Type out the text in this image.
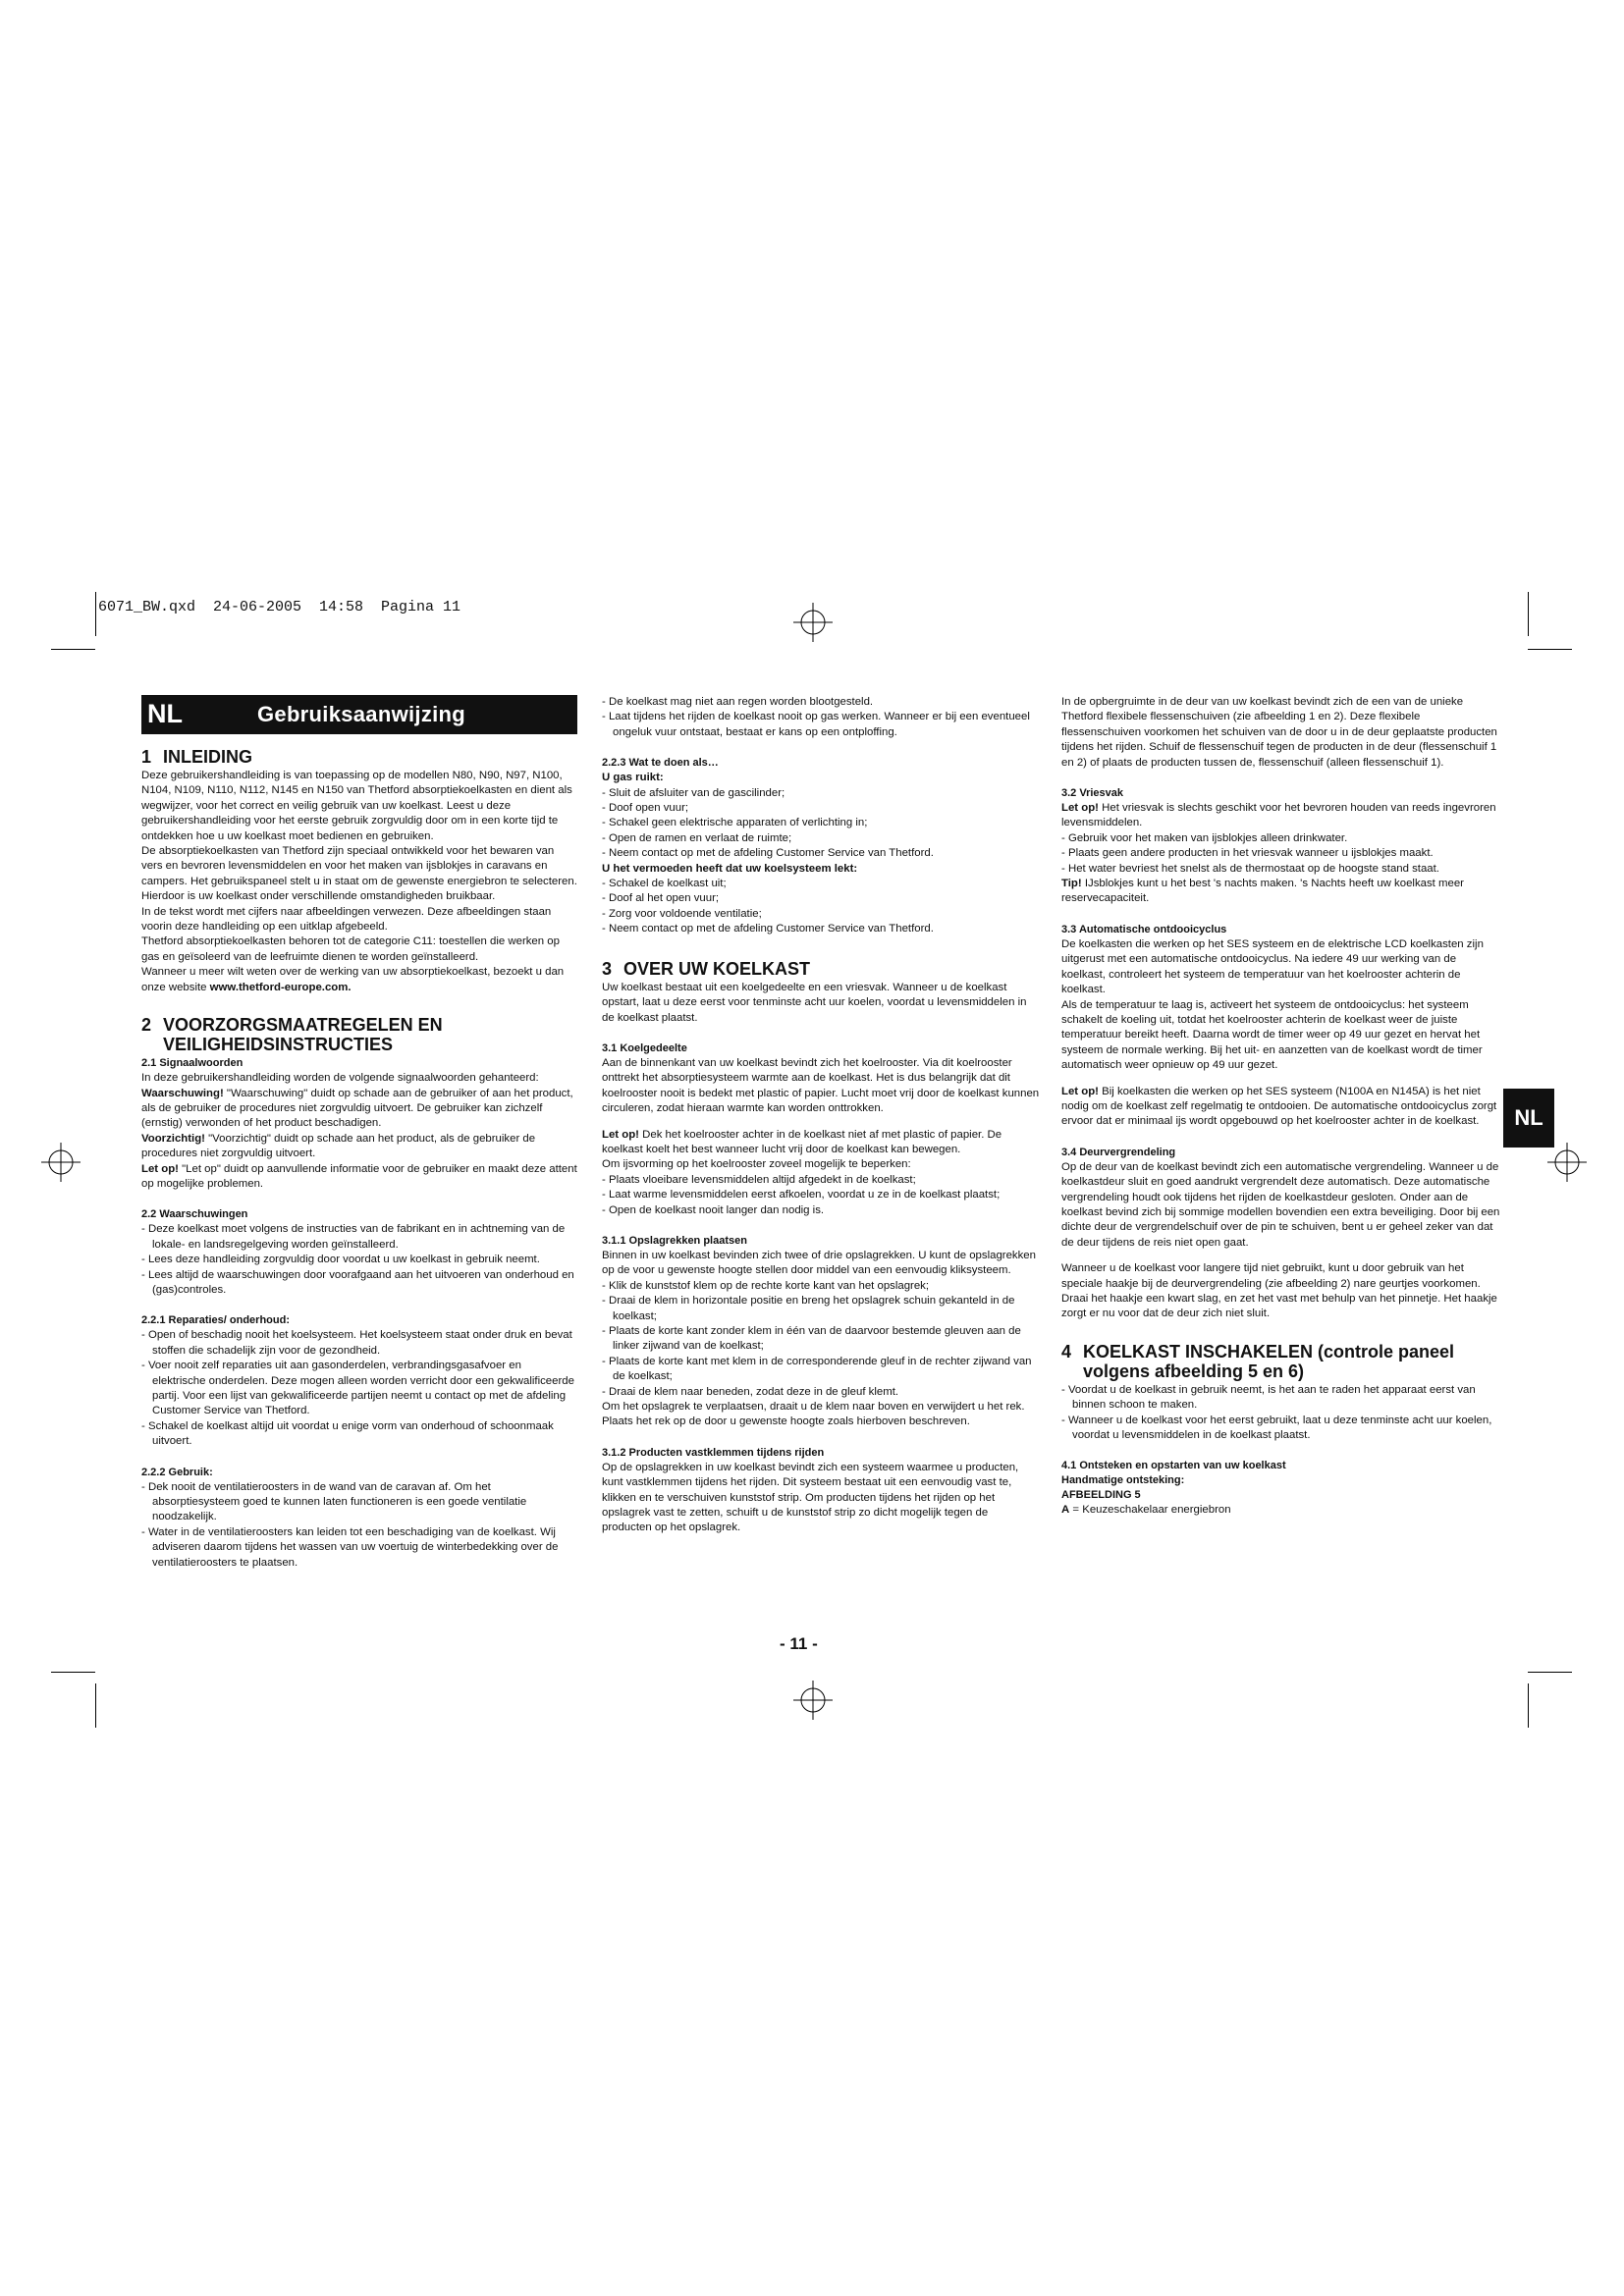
6071_BW.qxd  24-06-2005  14:58  Pagina 11
NL	Gebruiksaanwijzing
1 INLEIDING

Deze gebruikershandleiding is van toepassing op de modellen N80, N90, N97, N100, N104, N109, N110, N112, N145 en N150 van Thetford absorptiekoelkasten en dient als wegwijzer, voor het correct en veilig gebruik van uw koelkast. Leest u deze gebruikershandleiding voor het eerste gebruik zorgvuldig door om in een korte tijd te ontdekken hoe u uw koelkast moet bedienen en gebruiken.

De absorptiekoelkasten van Thetford zijn speciaal ontwikkeld voor het bewaren van vers en bevroren levensmiddelen en voor het maken van ijsblokjes in caravans en campers. Het gebruikspaneel stelt u in staat om de gewenste energiebron te selecteren. Hierdoor is uw koelkast onder verschillende omstandigheden bruikbaar.

In de tekst wordt met cijfers naar afbeeldingen verwezen. Deze afbeeldingen staan voorin deze handleiding op een uitklap afgebeeld.

Thetford absorptiekoelkasten behoren tot de categorie C11: toestellen die werken op gas en geïsoleerd van de leefruimte dienen te worden geïnstalleerd.

Wanneer u meer wilt weten over de werking van uw absorptiekoelkast, bezoekt u dan onze website www.thetford-europe.com.

2 VOORZORGSMAATREGELEN EN
VEILIGHEIDSINSTRUCTIES
2.1 Signaalwoorden

In deze gebruikershandleiding worden de volgende signaalwoorden gehanteerd:

Waarschuwing! "Waarschuwing" duidt op schade aan de gebruiker of aan het product, als de gebruiker de procedures niet zorgvuldig uitvoert. De gebruiker kan zichzelf (ernstig) verwonden of het product beschadigen.

Voorzichtig! "Voorzichtig" duidt op schade aan het product, als de gebruiker de procedures niet zorgvuldig uitvoert.

Let op! "Let op" duidt op aanvullende informatie voor de gebruiker en maakt deze attent op mogelijke problemen.

2.2 Waarschuwingen
- Deze koelkast moet volgens de instructies van de fabrikant en in achtneming van de lokale- en landsregelgeving worden geïnstalleerd.
- Lees deze handleiding zorgvuldig door voordat u uw koelkast in gebruik neemt.
- Lees altijd de waarschuwingen door voorafgaand aan het uitvoeren van onderhoud en (gas)controles.
2.2.1 Reparaties/ onderhoud:
- Open of beschadig nooit het koelsysteem. Het koelsysteem staat onder druk en bevat stoffen die schadelijk zijn voor de gezondheid.
- Voer nooit zelf reparaties uit aan gasonderdelen, verbrandingsgasafvoer en elektrische onderdelen. Deze mogen alleen worden verricht door een gekwalificeerde partij. Voor een lijst van gekwalificeerde partijen neemt u contact op met de afdeling Customer Service van Thetford.
- Schakel de koelkast altijd uit voordat u enige vorm van onderhoud of schoonmaak uitvoert.
2.2.2 Gebruik:
- Dek nooit de ventilatieroosters in de wand van de caravan af. Om het absorptiesysteem goed te kunnen laten functioneren is een goede ventilatie noodzakelijk.
- Water in de ventilatieroosters kan leiden tot een beschadiging van de koelkast. Wij adviseren daarom tijdens het wassen van uw voertuig de winterbedekking over de ventilatieroosters te plaatsen.
- De koelkast mag niet aan regen worden blootgesteld.
- Laat tijdens het rijden de koelkast nooit op gas werken. Wanneer er bij een eventueel ongeluk vuur ontstaat, bestaat er kans op een ontploffing.
2.2.3 Wat te doen als…

U gas ruikt:

- Sluit de afsluiter van de gascilinder;
- Doof open vuur;
- Schakel geen elektrische apparaten of verlichting in;
- Open de ramen en verlaat de ruimte;
- Neem contact op met de afdeling Customer Service van Thetford.

U het vermoeden heeft dat uw koelsysteem lekt:

- Schakel de koelkast uit;
- Doof al het open vuur;
- Zorg voor voldoende ventilatie;
- Neem contact op met de afdeling Customer Service van Thetford.
3 OVER UW KOELKAST

Uw koelkast bestaat uit een koelgedeelte en een vriesvak. Wanneer u de koelkast opstart, laat u deze eerst voor tenminste acht uur koelen, voordat u levensmiddelen in de koelkast plaatst.

3.1 Koelgedeelte

Aan de binnenkant van uw koelkast bevindt zich het koelrooster. Via dit koelrooster onttrekt het absorptiesysteem warmte aan de koelkast. Het is dus belangrijk dat dit koelrooster nooit is bedekt met plastic of papier. Lucht moet vrij door de koelkast kunnen circuleren, zodat hieraan warmte kan worden onttrokken.

Let op! Dek het koelrooster achter in de koelkast niet af met plastic of papier. De koelkast koelt het best wanneer lucht vrij door de koelkast kan bewegen.

Om ijsvorming op het koelrooster zoveel mogelijk te beperken:

- Plaats vloeibare levensmiddelen altijd afgedekt in de koelkast;
- Laat warme levensmiddelen eerst afkoelen, voordat u ze in de koelkast plaatst;
- Open de koelkast nooit langer dan nodig is.
3.1.1 Opslagrekken plaatsen

Binnen in uw koelkast bevinden zich twee of drie opslagrekken. U kunt de opslagrekken op de voor u gewenste hoogte stellen door middel van een eenvoudig kliksysteem.

- Klik de kunststof klem op de rechte korte kant van het opslagrek;
- Draai de klem in horizontale positie en breng het opslagrek schuin gekanteld in de koelkast;
- Plaats de korte kant zonder klem in één van de daarvoor bestemde gleuven aan de linker zijwand van de koelkast;
- Plaats de korte kant met klem in de corresponderende gleuf in de rechter zijwand van de koelkast;
- Draai de klem naar beneden, zodat deze in de gleuf klemt.

Om het opslagrek te verplaatsen, draait u de klem naar boven en verwijdert u het rek. Plaats het rek op de door u gewenste hoogte zoals hierboven beschreven.

3.1.2 Producten vastklemmen tijdens rijden

Op de opslagrekken in uw koelkast bevindt zich een systeem waarmee u producten, kunt vastklemmen tijdens het rijden. Dit systeem bestaat uit een eenvoudig vast te, klikken en te verschuiven kunststof strip. Om producten tijdens het rijden op het opslagrek vast te zetten, schuift u de kunststof strip zo dicht mogelijk tegen de producten op het opslagrek.

In de opbergruimte in de deur van uw koelkast bevindt zich de een van de unieke Thetford flexibele flessenschuiven (zie afbeelding 1 en 2). Deze flexibele flessenschuiven voorkomen het schuiven van de door u in de deur geplaatste producten tijdens het rijden. Schuif de flessenschuif tegen de producten in de deur (flessenschuif 1 en 2) of plaats de producten tussen de, flessenschuif (alleen flessenschuif 1).

3.2 Vriesvak

Let op! Het vriesvak is slechts geschikt voor het bevroren houden van reeds ingevroren levensmiddelen.

- Gebruik voor het maken van ijsblokjes alleen drinkwater.
- Plaats geen andere producten in het vriesvak wanneer u ijsblokjes maakt.
- Het water bevriest het snelst als de thermostaat op de hoogste stand staat.

Tip! IJsblokjes kunt u het best 's nachts maken. 's Nachts heeft uw koelkast meer reservecapaciteit.

3.3 Automatische ontdooicyclus

De koelkasten die werken op het SES systeem en de elektrische LCD koelkasten zijn uitgerust met een automatische ontdooicyclus. Na iedere 49 uur werking van de koelkast, controleert het systeem de temperatuur van het koelrooster achterin de koelkast.

Als de temperatuur te laag is, activeert het systeem de ontdooicyclus: het systeem schakelt de koeling uit, totdat het koelrooster achterin de koelkast weer de juiste temperatuur bereikt heeft. Daarna wordt de timer weer op 49 uur gezet en hervat het systeem de normale werking. Bij het uit- en aanzetten van de koelkast wordt de timer automatisch weer opnieuw op 49 uur gezet.

Let op! Bij koelkasten die werken op het SES systeem (N100A en N145A) is het niet nodig om de koelkast zelf regelmatig te ontdooien. De automatische ontdooicyclus zorgt ervoor dat er minimaal ijs wordt opgebouwd op het koelrooster achter in de koelkast.

3.4 Deurvergrendeling

Op de deur van de koelkast bevindt zich een automatische vergrendeling. Wanneer u de koelkastdeur sluit en goed aandrukt vergrendelt deze automatisch. Deze automatische vergrendeling houdt ook tijdens het rijden de koelkastdeur gesloten. Onder aan de koelkast bevind zich bij sommige modellen bovendien een extra beveiliging. Door bij een dichte deur de vergrendelschuif over de pin te schuiven, bent u er geheel zeker van dat de deur tijdens de reis niet open gaat.

Wanneer u de koelkast voor langere tijd niet gebruikt, kunt u door gebruik van het speciale haakje bij de deurvergrendeling (zie afbeelding 2) nare geurtjes voorkomen. Draai het haakje een kwart slag, en zet het vast met behulp van het pinnetje. Het haakje zorgt er nu voor dat de deur zich niet sluit.

4 KOELKAST INSCHAKELEN (controle paneel
volgens afbeelding 5 en 6)
- Voordat u de koelkast in gebruik neemt, is het aan te raden het apparaat eerst van binnen schoon te maken.
- Wanneer u de koelkast voor het eerst gebruikt, laat u deze tenminste acht uur koelen, voordat u levensmiddelen in de koelkast plaatst.
4.1 Ontsteken en opstarten van uw koelkast
Handmatige ontsteking:
AFBEELDING 5

A = Keuzeschakelaar energiebron

NL
- 11 -
